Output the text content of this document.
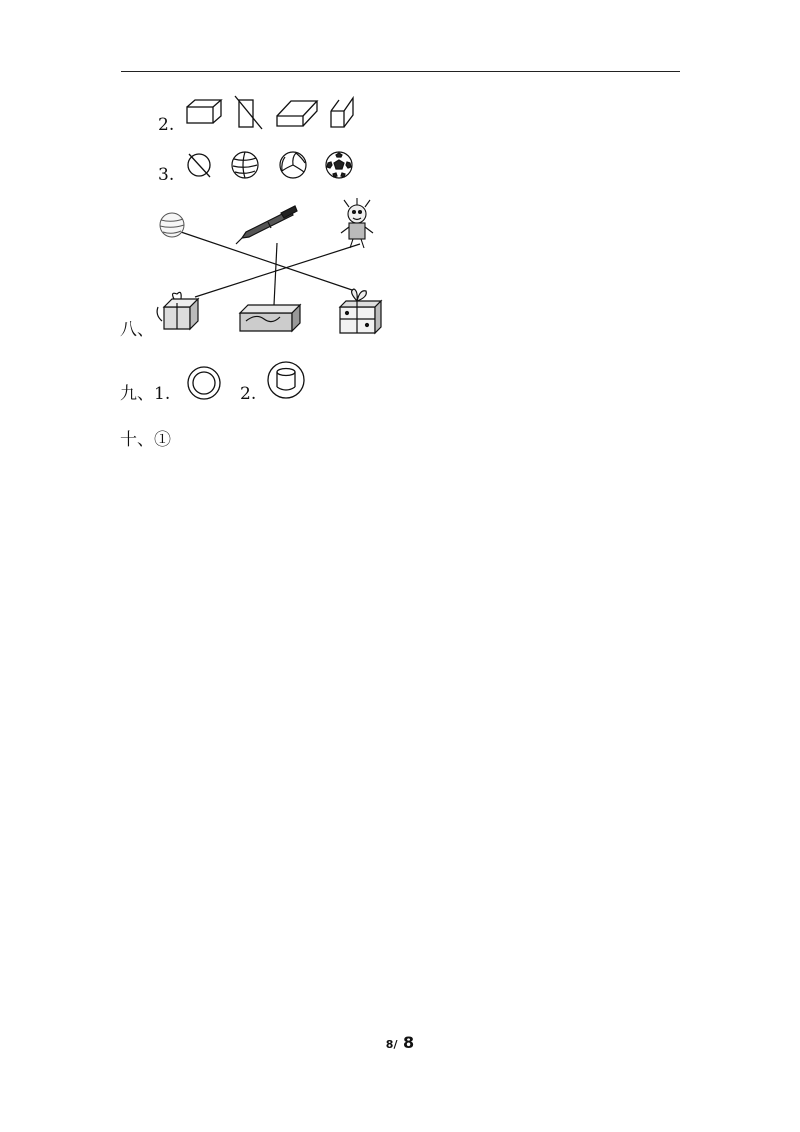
2.
3.
八、
九、1.	2.
十、①
8/ 8
